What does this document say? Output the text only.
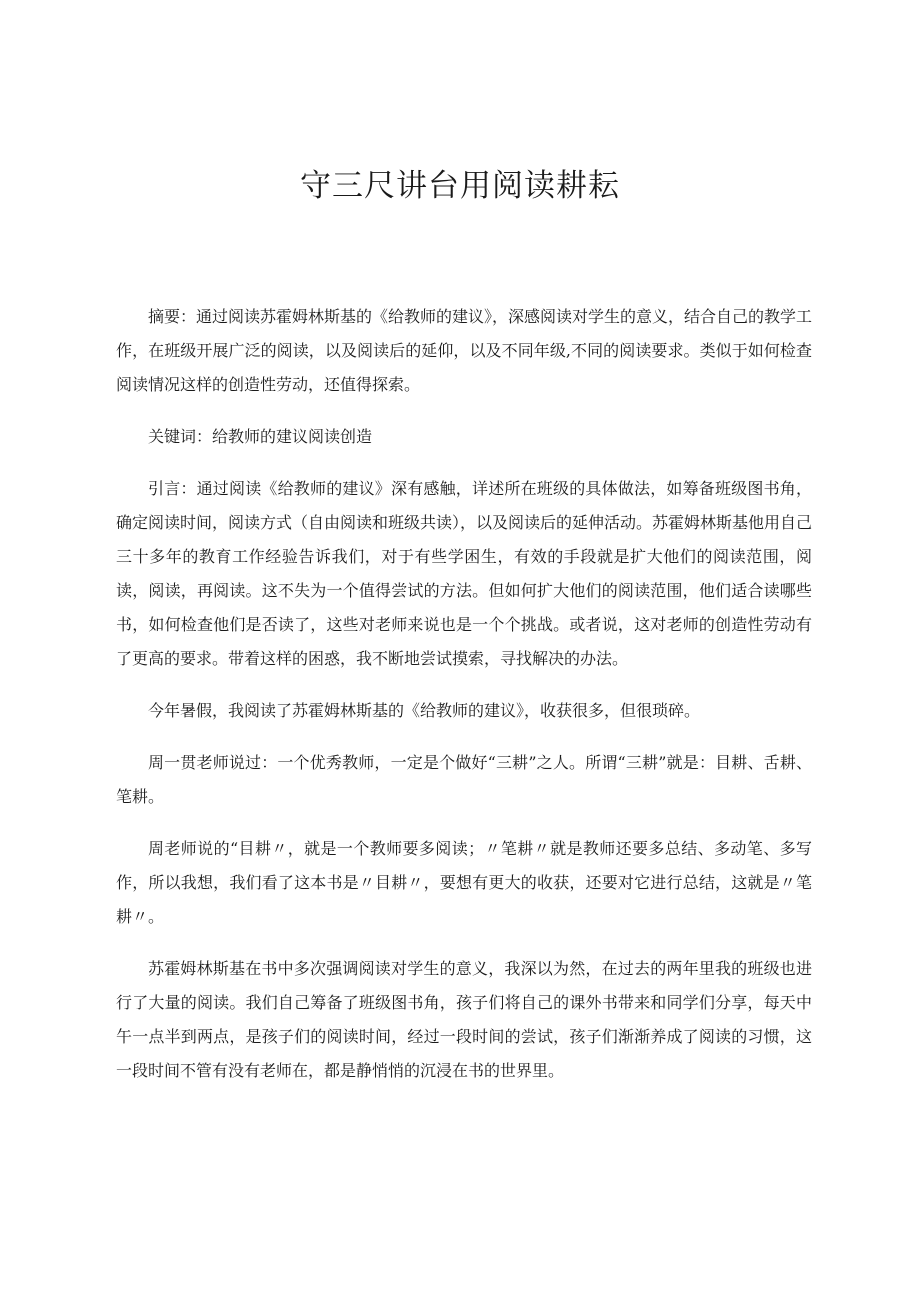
守三尺讲台用阅读耕耘

摘要：通过阅读苏霍姆林斯基的《给教师的建议》，深感阅读对学生的意义，结合自己的教学工作，在班级开展广泛的阅读，以及阅读后的延仰，以及不同年级,不同的阅读要求。类似于如何检查阅读情况这样的创造性劳动，还值得探索。

关键词：给教师的建议阅读创造

引言：通过阅读《给教师的建议》深有感触，详述所在班级的具体做法，如筹备班级图书角，确定阅读时间，阅读方式（自由阅读和班级共读），以及阅读后的延伸活动。苏霍姆林斯基他用自己三十多年的教育工作经验告诉我们，对于有些学困生，有效的手段就是扩大他们的阅读范围，阅读，阅读，再阅读。这不失为一个值得尝试的方法。但如何扩大他们的阅读范围，他们适合读哪些书，如何检查他们是否读了，这些对老师来说也是一个个挑战。或者说，这对老师的创造性劳动有了更高的要求。带着这样的困惑，我不断地尝试摸索，寻找解决的办法。

今年暑假，我阅读了苏霍姆林斯基的《给教师的建议》，收获很多，但很琐碎。

周一贯老师说过：一个优秀教师，一定是个做好“三耕”之人。所谓“三耕”就是：目耕、舌耕、笔耕。

周老师说的“目耕〃，就是一个教师要多阅读；〃笔耕〃就是教师还要多总结、多动笔、多写作，所以我想，我们看了这本书是〃目耕〃，要想有更大的收获，还要对它进行总结，这就是〃笔耕〃。

苏霍姆林斯基在书中多次强调阅读对学生的意义，我深以为然，在过去的两年里我的班级也进行了大量的阅读。我们自己筹备了班级图书角，孩子们将自己的课外书带来和同学们分享，每天中午一点半到两点，是孩子们的阅读时间，经过一段时间的尝试，孩子们渐渐养成了阅读的习惯，这一段时间不管有没有老师在，都是静悄悄的沉浸在书的世界里。
